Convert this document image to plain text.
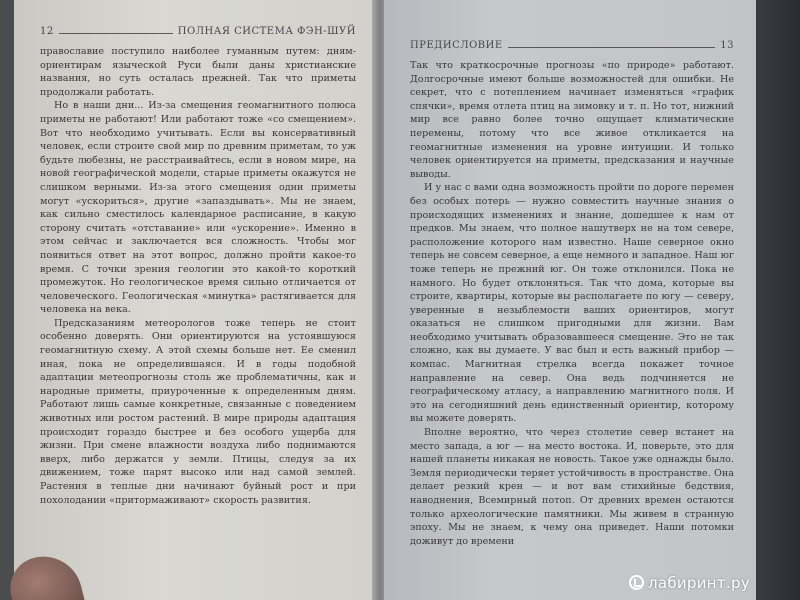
12	ПОЛНАЯ СИСТЕМА ФЭН-ШУЙ

православие поступило наиболее гуманным путем: дням-ориентирам языческой Руси были даны христианские названия, но суть осталась прежней. Так что приметы продолжали работать.

Но в наши дни... Из-за смещения геомагнитного полюса приметы не работают! Или работают тоже «со смещением». Вот что необходимо учитывать. Если вы консервативный человек, если строите свой мир по древним приметам, то уж будьте любезны, не расстраивайтесь, если в новом мире, на новой географической модели, старые приметы окажутся не слишком верными. Из-за этого смещения одни приметы могут «ускориться», другие «запаздывать». Мы не знаем, как сильно сместилось календарное расписание, в какую сторону считать «отставание» или «ускорение». Именно в этом сейчас и заключается вся сложность. Чтобы мог появиться ответ на этот вопрос, должно пройти какое-то время. С точки зрения геологии это какой-то короткий промежуток. Но геологическое время сильно отличается от человеческого. Геологическая «минутка» растягивается для человека на века.

Предсказаниям метеорологов тоже теперь не стоит особенно доверять. Они ориентируются на устоявшуюся геомагнитную схему. А этой схемы больше нет. Ее сменил иная, пока не определившаяся. И в годы подобной адаптации метеопрогнозы столь же проблематичны, как и народные приметы, приуроченные к определенным дням. Работают лишь самые конкретные, связанные с поведением животных или ростом растений. В мире природы адаптация происходит гораздо быстрее и без особого ущерба для жизни. При смене влажности воздуха либо поднимаются вверх, либо держатся у земли. Птицы, следуя за их движением, тоже парят высоко или над самой землей. Растения в теплые дни начинают буйный рост и при похолодании «притормаживают» скорость развития.

ПРЕДИСЛОВИЕ	13

Так что краткосрочные прогнозы «по природе» работают. Долгосрочные имеют больше возможностей для ошибки. Не секрет, что с потеплением начинает изменяться «график спячки», время отлета птиц на зимовку и т. п. Но тот, нижний мир все равно более точно ощущает климатические перемены, потому что все живое откликается на геомагнитные изменения на уровне интуиции. И только человек ориентируется на приметы, предсказания и научные выводы.

И у нас с вами одна возможность пройти по дороге перемен без особых потерь — нужно совместить научные знания о происходящих изменениях и знание, дошедшее к нам от предков. Мы знаем, что полное нашутверх не на том севере, расположение которого нам известно. Наше северное окно теперь не совсем северное, а еще немного и западное. Наш юг тоже теперь не прежний юг. Он тоже отклонился. Пока не намного. Но будет отклоняться. Так что дома, которые вы строите, квартиры, которые вы располагаете по югу — северу, уверенные в незыблемости ваших ориентиров, могут оказаться не слишком пригодными для жизни. Вам необходимо учитывать образовавшееся смещение. Это не так сложно, как вы думаете. У вас был и есть важный прибор — компас. Магнитная стрелка всегда покажет точное направление на север. Она ведь подчиняется не географическому атласу, а направлению магнитного поля. И это на сегодняшний день единственный ориентир, которому вы можете доверять.

Вполне вероятно, что через столетие север встанет на место запада, а юг — на место востока. И, поверьте, это для нашей планеты никакая не новость. Такое уже однажды было. Земля периодически теряет устойчивость в пространстве. Она делает резкий крен — и вот вам стихийные бедствия, наводнения, Всемирный потоп. От древних времен остаются только археологические памятники. Мы живем в странную эпоху. Мы не знаем, к чему она приведет. Наши потомки доживут до времени

лабиринт.ру
